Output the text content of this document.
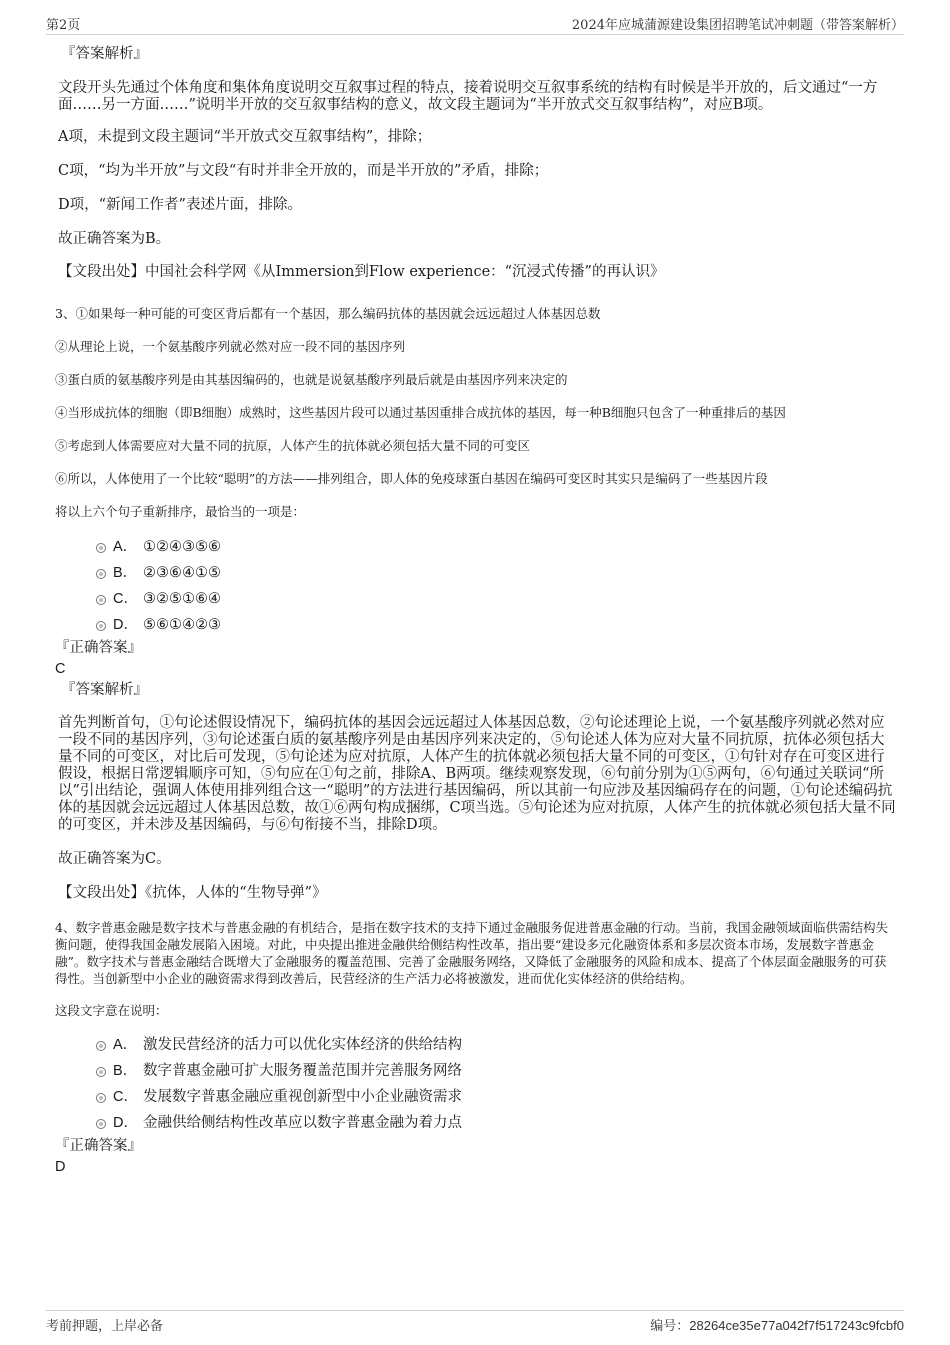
第2页	2024年应城蒲源建设集团招聘笔试冲刺题（带答案解析）

『答案解析』

文段开头先通过个体角度和集体角度说明交互叙事过程的特点，接着说明交互叙事系统的结构有时候是半开放的，后文通过“一方面……另一方面……”说明半开放的交互叙事结构的意义，故文段主题词为“半开放式交互叙事结构”，对应B项。

A项，未提到文段主题词“半开放式交互叙事结构”，排除；

C项，“均为半开放”与文段“有时并非全开放的，而是半开放的”矛盾，排除；

D项，“新闻工作者”表述片面，排除。

故正确答案为B。

【文段出处】中国社会科学网《从Immersion到Flow experience：“沉浸式传播”的再认识》

3、①如果每一种可能的可变区背后都有一个基因，那么编码抗体的基因就会远远超过人体基因总数

②从理论上说，一个氨基酸序列就必然对应一段不同的基因序列

③蛋白质的氨基酸序列是由其基因编码的，也就是说氨基酸序列最后就是由基因序列来决定的

④当形成抗体的细胞（即B细胞）成熟时，这些基因片段可以通过基因重排合成抗体的基因，每一种B细胞只包含了一种重排后的基因

⑤考虑到人体需要应对大量不同的抗原，人体产生的抗体就必须包括大量不同的可变区

⑥所以，人体使用了一个比较“聪明”的方法——排列组合，即人体的免疫球蛋白基因在编码可变区时其实只是编码了一些基因片段

将以上六个句子重新排序，最恰当的一项是：

A． ①②④③⑤⑥
B． ②③⑥④①⑤
C． ③②⑤①⑥④
D． ⑤⑥①④②③

『正确答案』

C

『答案解析』

首先判断首句，①句论述假设情况下，编码抗体的基因会远远超过人体基因总数，②句论述理论上说，一个氨基酸序列就必然对应一段不同的基因序列，③句论述蛋白质的氨基酸序列是由基因序列来决定的，⑤句论述人体为应对大量不同抗原，抗体必须包括大量不同的可变区，对比后可发现，⑤句论述为应对抗原，人体产生的抗体就必须包括大量不同的可变区，①句针对存在可变区进行假设，根据日常逻辑顺序可知，⑤句应在①句之前，排除A、B两项。继续观察发现，⑥句前分别为①⑤两句，⑥句通过关联词“所以”引出结论，强调人体使用排列组合这一“聪明”的方法进行基因编码，所以其前一句应涉及基因编码存在的问题，①句论述编码抗体的基因就会远远超过人体基因总数，故①⑥两句构成捆绑，C项当选。⑤句论述为应对抗原，人体产生的抗体就必须包括大量不同的可变区，并未涉及基因编码，与⑥句衔接不当，排除D项。

故正确答案为C。

【文段出处】《抗体，人体的“生物导弹”》

4、数字普惠金融是数字技术与普惠金融的有机结合，是指在数字技术的支持下通过金融服务促进普惠金融的行动。当前，我国金融领域面临供需结构失衡问题，使得我国金融发展陷入困境。对此，中央提出推进金融供给侧结构性改革，指出要“建设多元化融资体系和多层次资本市场，发展数字普惠金融”。数字技术与普惠金融结合既增大了金融服务的覆盖范围、完善了金融服务网络，又降低了金融服务的风险和成本、提高了个体层面金融服务的可获得性。当创新型中小企业的融资需求得到改善后，民营经济的生产活力必将被激发，进而优化实体经济的供给结构。

这段文字意在说明：

A． 激发民营经济的活力可以优化实体经济的供给结构
B． 数字普惠金融可扩大服务覆盖范围并完善服务网络
C． 发展数字普惠金融应重视创新型中小企业融资需求
D． 金融供给侧结构性改革应以数字普惠金融为着力点

『正确答案』

D

考前押题，上岸必备	编号：28264ce35e77a042f7f517243c9fcbf0
